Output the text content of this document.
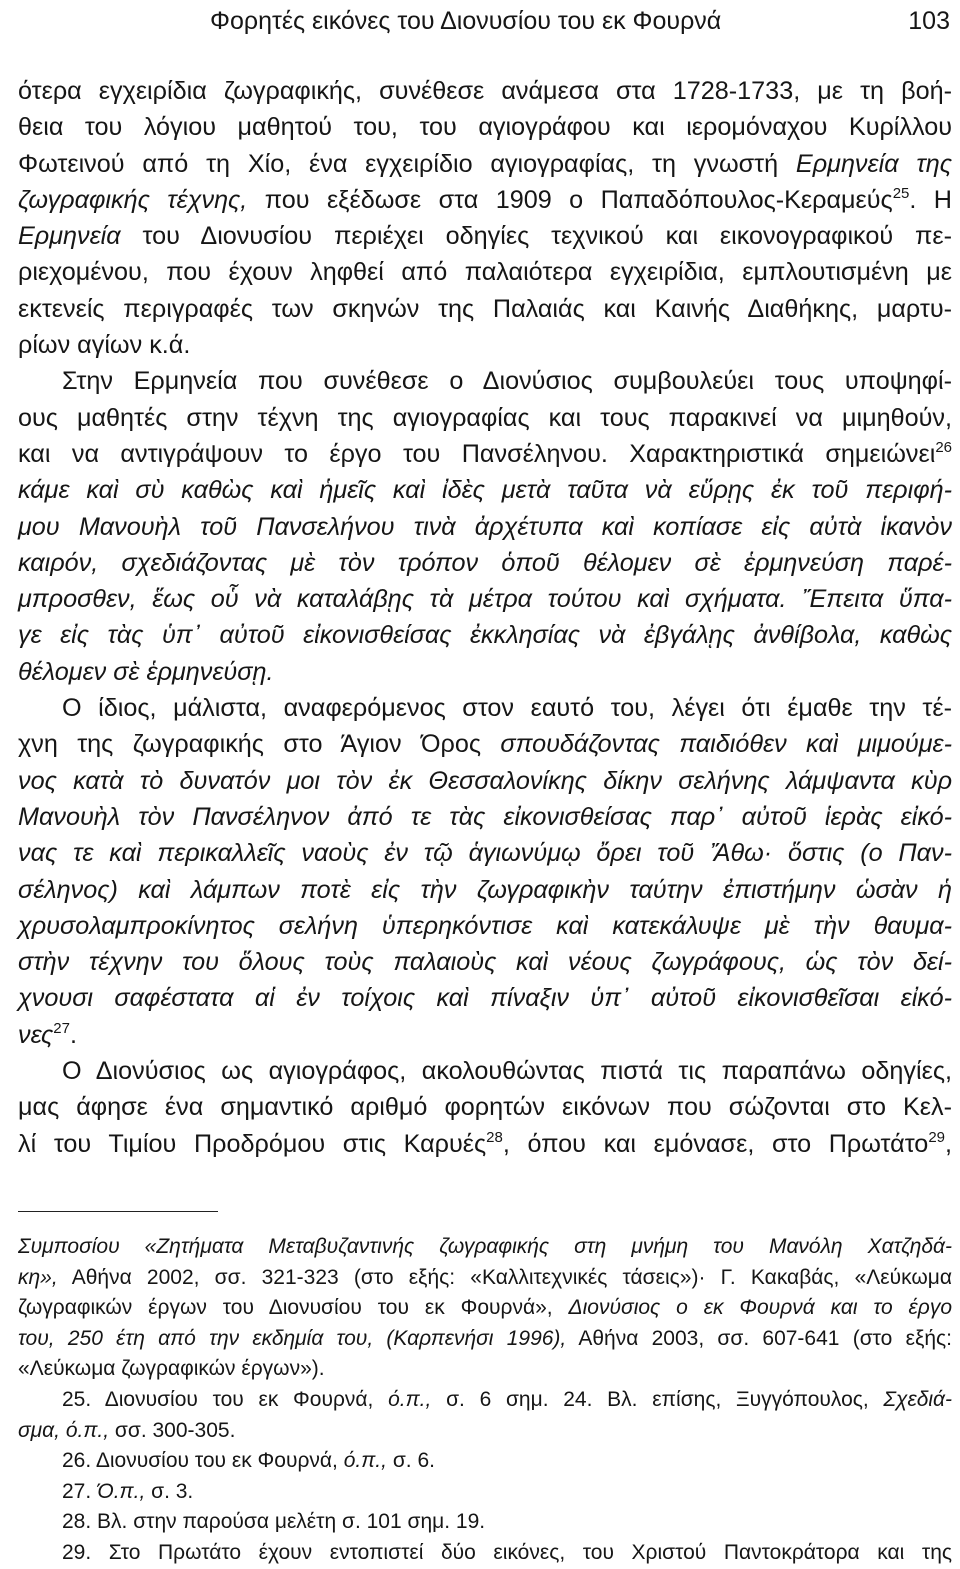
Φορητές εικόνες του Διονυσίου του εκ Φουρνά	103
ότερα εγχειρίδια ζωγραφικής, συνέθεσε ανάμεσα στα 1728-1733, με τη βοή-
θεια του λόγιου μαθητού του, του αγιογράφου και ιερομόναχου Κυρίλλου
Φωτεινού από τη Χίο, ένα εγχειρίδιο αγιογραφίας, τη γνωστή Ερμηνεία της
ζωγραφικής τέχνης, που εξέδωσε στα 1909 ο Παπαδόπουλος-Κεραμεύς$^{25}$. Η
Ερμηνεία του Διονυσίου περιέχει οδηγίες τεχνικού και εικονογραφικού πε-
ριεχομένου, που έχουν ληφθεί από παλαιότερα εγχειρίδια, εμπλουτισμένη με
εκτενείς περιγραφές των σκηνών της Παλαιάς και Καινής Διαθήκης, μαρτυ-
ρίων αγίων κ.ά.
Στην Ερμηνεία που συνέθεσε ο Διονύσιος συμβουλεύει τους υποψηφί-
ους μαθητές στην τέχνη της αγιογραφίας και τους παρακινεί να μιμηθούν,
και να αντιγράψουν το έργο του Πανσέληνου. Χαρακτηριστικά σημειώνει$^{26}$
κάμε καὶ σὺ καθὼς καὶ ἡμεῖς καὶ ἰδὲς μετὰ ταῦτα νὰ εὕρῃς ἐκ τοῦ περιφή-
μου Μανουὴλ τοῦ Πανσελήνου τινὰ ἀρχέτυπα καὶ κοπίασε εἰς αὐτὰ ἱκανὸν
καιρόν, σχεδιάζοντας μὲ τὸν τρόπον ὁποῦ θέλομεν σὲ ἑρμηνεύση παρέ-
μπροσθεν, ἕως οὗ νὰ καταλάβῃς τὰ μέτρα τούτου καὶ σχήματα. Ἔπειτα ὕπα-
γε εἰς τὰς ὑπ᾽ αὐτοῦ εἰκονισθείσας ἐκκλησίας νὰ ἐβγάλῃς ἀνθίβολα, καθὼς
θέλομεν σὲ ἑρμηνεύσῃ.
Ο ίδιος, μάλιστα, αναφερόμενος στον εαυτό του, λέγει ότι έμαθε την τέ-
χνη της ζωγραφικής στο Άγιον Όρος σπουδάζοντας παιδιόθεν καὶ μιμούμε-
νος κατὰ τὸ δυνατόν μοι τὸν ἐκ Θεσσαλονίκης δίκην σελήνης λάμψαντα κὺρ
Μανουὴλ τὸν Πανσέληνον ἀπό τε τὰς εἰκονισθείσας παρ᾽ αὐτοῦ ἱερὰς εἰκό-
νας τε καὶ περικαλλεῖς ναοὺς ἐν τῷ ἁγιωνύμῳ ὄρει τοῦ Ἄθω· ὅστις (ο Παν-
σέληνος) καὶ λάμπων ποτὲ εἰς τὴν ζωγραφικὴν ταύτην ἐπιστήμην ὡσὰν ἡ
χρυσολαμπροκίνητος σελήνη ὑπερηκόντισε καὶ κατεκάλυψε μὲ τὴν θαυμα-
στὴν τέχνην του ὅλους τοὺς παλαιοὺς καὶ νέους ζωγράφους, ὡς τὸν δεί-
χνουσι σαφέστατα αἱ ἐν τοίχοις καὶ πίναξιν ὑπ᾽ αὐτοῦ εἰκονισθεῖσαι εἰκό-
νες$^{27}$.
Ο Διονύσιος ως αγιογράφος, ακολουθώντας πιστά τις παραπάνω οδηγίες,
μας άφησε ένα σημαντικό αριθμό φορητών εικόνων που σώζονται στο Κελ-
λί του Τιμίου Προδρόμου στις Καρυές$^{28}$, όπου και εμόνασε, στο Πρωτάτο$^{29}$,
Συμποσίου «Ζητήματα Μεταβυζαντινής ζωγραφικής στη μνήμη του Μανόλη Χατζηδά-
κη», Αθήνα 2002, σσ. 321-323 (στο εξής: «Καλλιτεχνικές τάσεις»)· Γ. Κακαβάς, «Λεύκωμα
ζωγραφικών έργων του Διονυσίου του εκ Φουρνά», Διονύσιος ο εκ Φουρνά και το έργο
του, 250 έτη από την εκδημία του, (Καρπενήσι 1996), Αθήνα 2003, σσ. 607-641 (στο εξής:
«Λεύκωμα ζωγραφικών έργων»).
25. Διονυσίου του εκ Φουρνά, ό.π., σ. 6 σημ. 24. Βλ. επίσης, Ξυγγόπουλος, Σχεδιά-
σμα, ό.π., σσ. 300-305.
26. Διονυσίου του εκ Φουρνά, ό.π., σ. 6.
27. Ό.π., σ. 3.
28. Βλ. στην παρούσα μελέτη σ. 101 σημ. 19.
29. Στο Πρωτάτο έχουν εντοπιστεί δύο εικόνες, του Χριστού Παντοκράτορα και της
